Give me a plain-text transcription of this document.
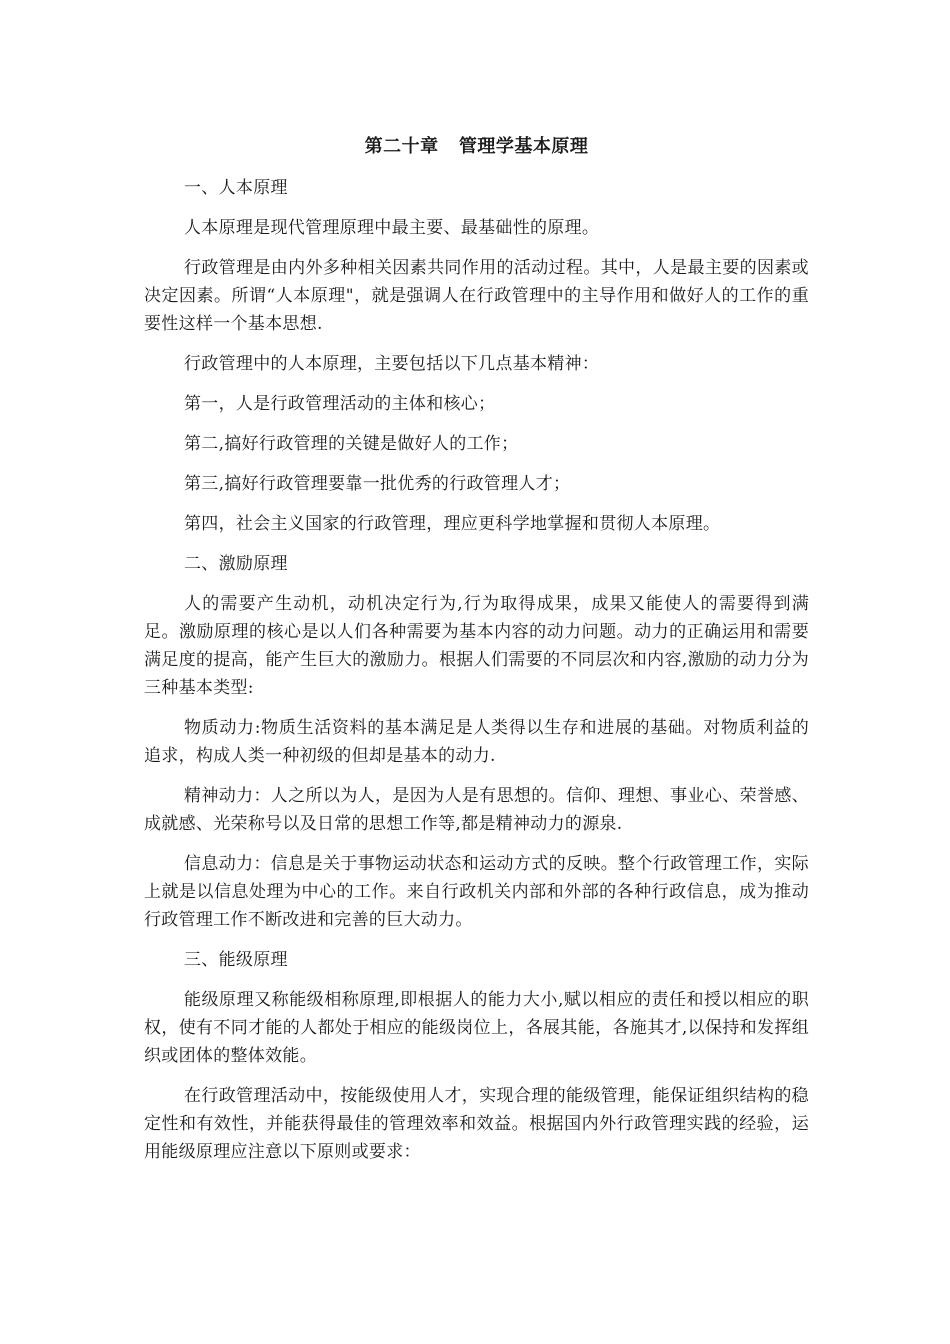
第二十章   管理学基本原理

一、人本原理

人本原理是现代管理原理中最主要、最基础性的原理。

行政管理是由内外多种相关因素共同作用的活动过程。其中，人是最主要的因素或决定因素。所谓“人本原理"，就是强调人在行政管理中的主导作用和做好人的工作的重要性这样一个基本思想.

行政管理中的人本原理，主要包括以下几点基本精神：

第一，人是行政管理活动的主体和核心；

第二,搞好行政管理的关键是做好人的工作；

第三,搞好行政管理要靠一批优秀的行政管理人才；

第四，社会主义国家的行政管理，理应更科学地掌握和贯彻人本原理。

二、激励原理

人的需要产生动机，动机决定行为,行为取得成果，成果又能使人的需要得到满足。激励原理的核心是以人们各种需要为基本内容的动力问题。动力的正确运用和需要满足度的提高，能产生巨大的激励力。根据人们需要的不同层次和内容,激励的动力分为三种基本类型:

物质动力:物质生活资料的基本满足是人类得以生存和进展的基础。对物质利益的追求，构成人类一种初级的但却是基本的动力.

精神动力：人之所以为人，是因为人是有思想的。信仰、理想、事业心、荣誉感、成就感、光荣称号以及日常的思想工作等,都是精神动力的源泉.

信息动力：信息是关于事物运动状态和运动方式的反映。整个行政管理工作，实际上就是以信息处理为中心的工作。来自行政机关内部和外部的各种行政信息，成为推动行政管理工作不断改进和完善的巨大动力。

三、能级原理

能级原理又称能级相称原理,即根据人的能力大小,赋以相应的责任和授以相应的职权，使有不同才能的人都处于相应的能级岗位上，各展其能，各施其才,以保持和发挥组织或团体的整体效能。

在行政管理活动中，按能级使用人才，实现合理的能级管理，能保证组织结构的稳定性和有效性，并能获得最佳的管理效率和效益。根据国内外行政管理实践的经验，运用能级原理应注意以下原则或要求：
